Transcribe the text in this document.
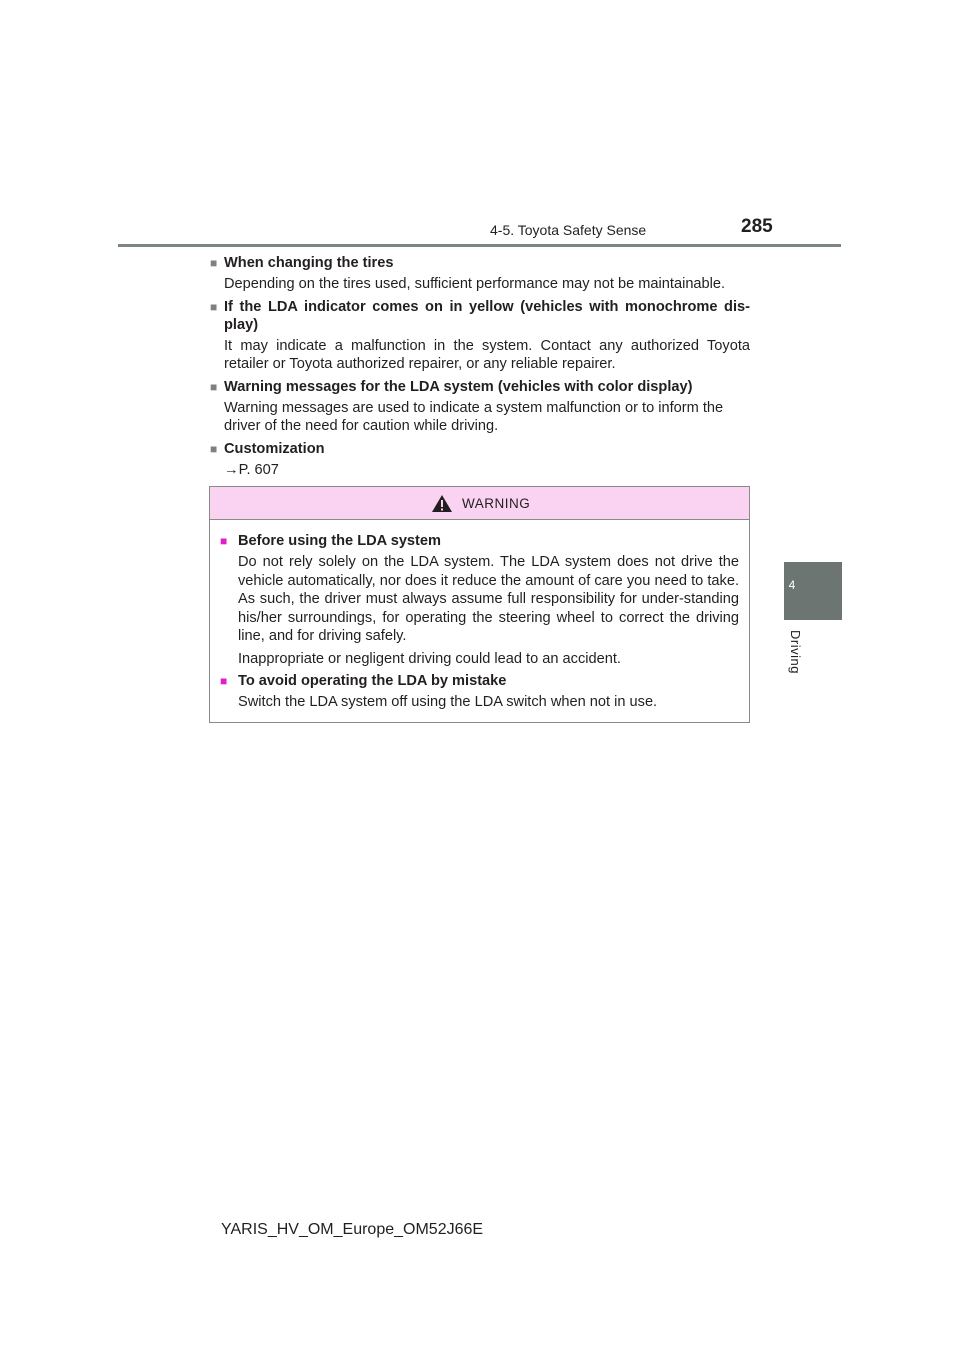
4-5. Toyota Safety Sense	285
4
Driving
■ When changing the tires
Depending on the tires used, sufficient performance may not be maintainable.
■ If the LDA indicator comes on in yellow (vehicles with monochrome dis-play)
It may indicate a malfunction in the system. Contact any authorized Toyota retailer or Toyota authorized repairer, or any reliable repairer.
■ Warning messages for the LDA system (vehicles with color display)
Warning messages are used to indicate a system malfunction or to inform the driver of the need for caution while driving.
■ Customization
→P. 607
WARNING
■ Before using the LDA system
Do not rely solely on the LDA system. The LDA system does not drive the vehicle automatically, nor does it reduce the amount of care you need to take. As such, the driver must always assume full responsibility for under-standing his/her surroundings, for operating the steering wheel to correct the driving line, and for driving safely.
Inappropriate or negligent driving could lead to an accident.
■ To avoid operating the LDA by mistake
Switch the LDA system off using the LDA switch when not in use.
YARIS_HV_OM_Europe_OM52J66E
